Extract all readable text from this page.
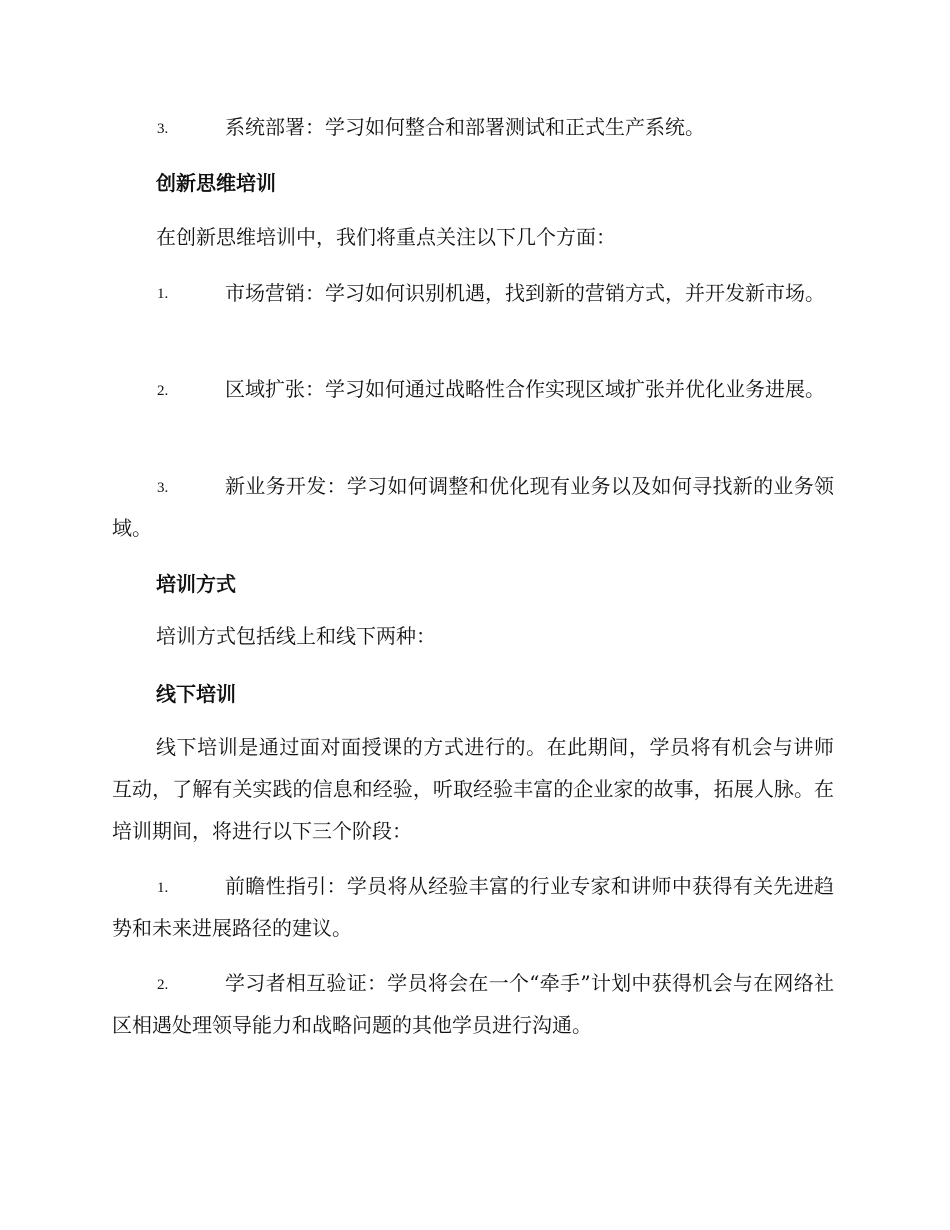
3.	系统部署：学习如何整合和部署测试和正式生产系统。

创新思维培训

在创新思维培训中，我们将重点关注以下几个方面：

1.	市场营销：学习如何识别机遇，找到新的营销方式，并开发新市场。

2.	区域扩张：学习如何通过战略性合作实现区域扩张并优化业务进展。

3.	新业务开发：学习如何调整和优化现有业务以及如何寻找新的业务领域。

培训方式

培训方式包括线上和线下两种：

线下培训

线下培训是通过面对面授课的方式进行的。在此期间，学员将有机会与讲师互动，了解有关实践的信息和经验，听取经验丰富的企业家的故事，拓展人脉。在培训期间，将进行以下三个阶段：

1.	前瞻性指引：学员将从经验丰富的行业专家和讲师中获得有关先进趋势和未来进展路径的建议。

2.	学习者相互验证：学员将会在一个“牵手”计划中获得机会与在网络社区相遇处理领导能力和战略问题的其他学员进行沟通。
